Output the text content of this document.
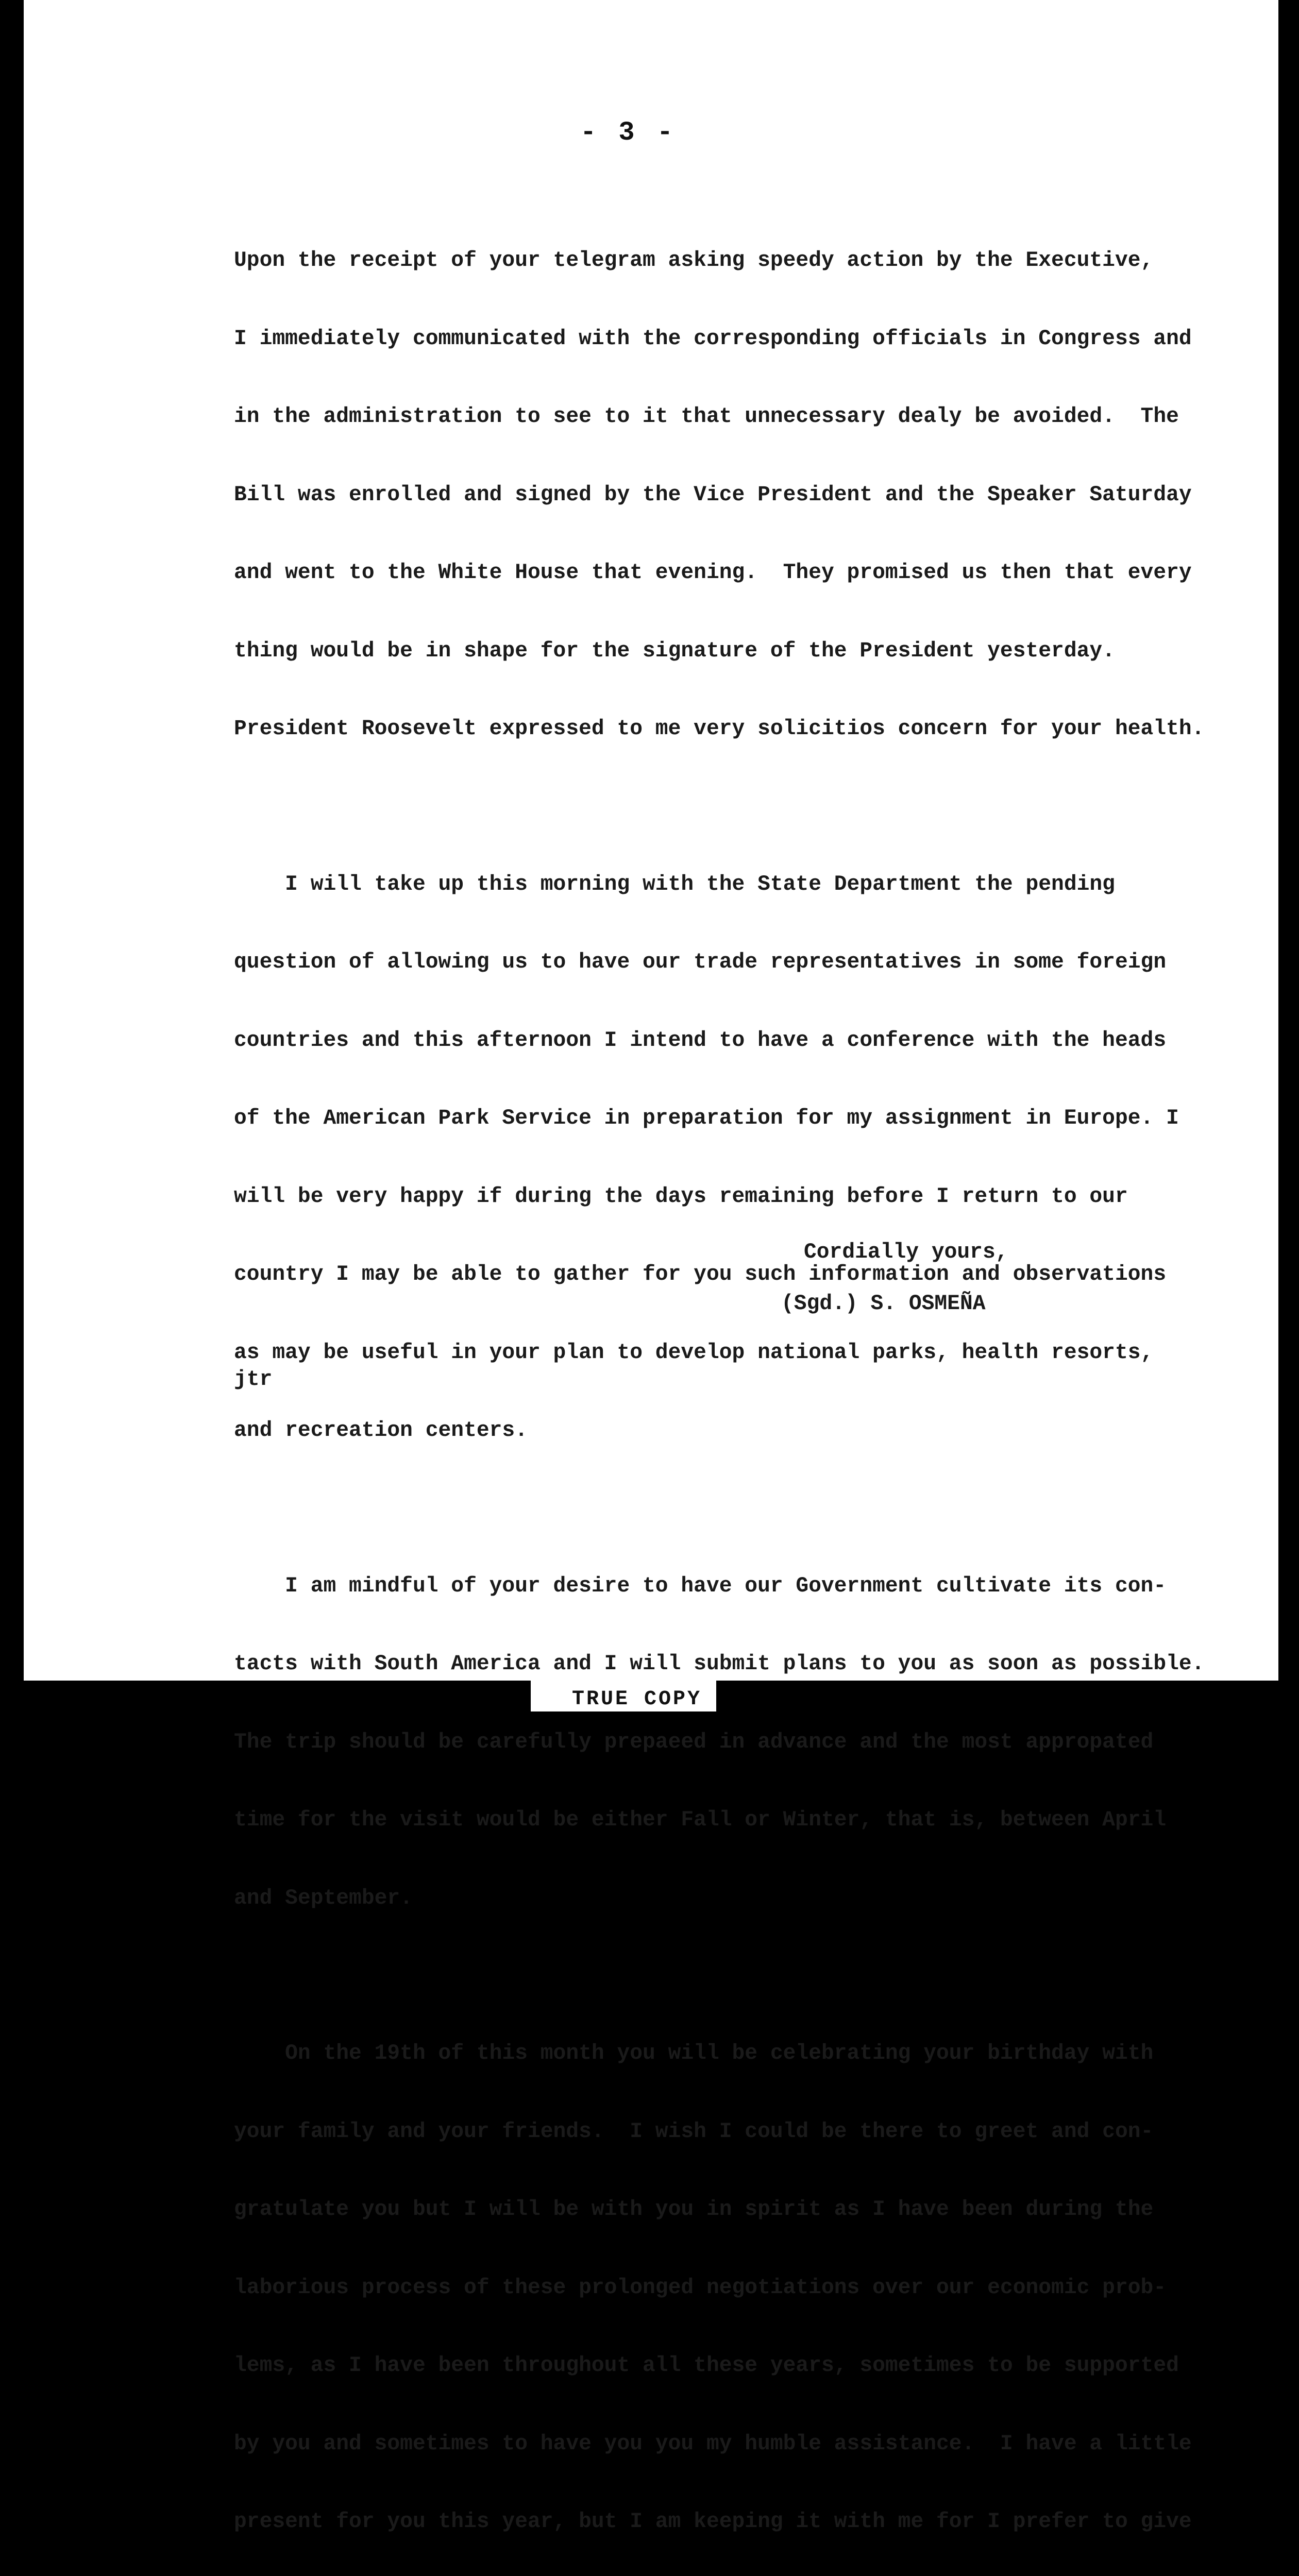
- 3 -

Upon the receipt of your telegram asking speedy action by the Executive,

I immediately communicated with the corresponding officials in Congress and

in the administration to see to it that unnecessary dealy be avoided.  The

Bill was enrolled and signed by the Vice President and the Speaker Saturday

and went to the White House that evening.  They promised us then that every

thing would be in shape for the signature of the President yesterday.

President Roosevelt expressed to me very solicitios concern for your health.

I will take up this morning with the State Department the pending

question of allowing us to have our trade representatives in some foreign

countries and this afternoon I intend to have a conference with the heads

of the American Park Service in preparation for my assignment in Europe. I

will be very happy if during the days remaining before I return to our

country I may be able to gather for you such information and observations

as may be useful in your plan to develop national parks, health resorts,

and recreation centers.

I am mindful of your desire to have our Government cultivate its con-

tacts with South America and I will submit plans to you as soon as possible.

The trip should be carefully prepaeed in advance and the most appropated

time for the visit would be either Fall or Winter, that is, between April

and September.

On the 19th of this month you will be celebrating your birthday with

your family and your friends.  I wish I could be there to greet and con-

gratulate you but I will be with you in spirit as I have been during the

laborious process of these prolonged negotiations over our economic prob-

lems, as I have been throughout all these years, sometimes to be supported

by you and sometimes to have you you my humble assistance.  I have a little

present for you this year, but I am keeping it with me for I prefer to give

Cordially yours,
(Sgd.) S. OSMEÑA
jtr
TRUE COPY
